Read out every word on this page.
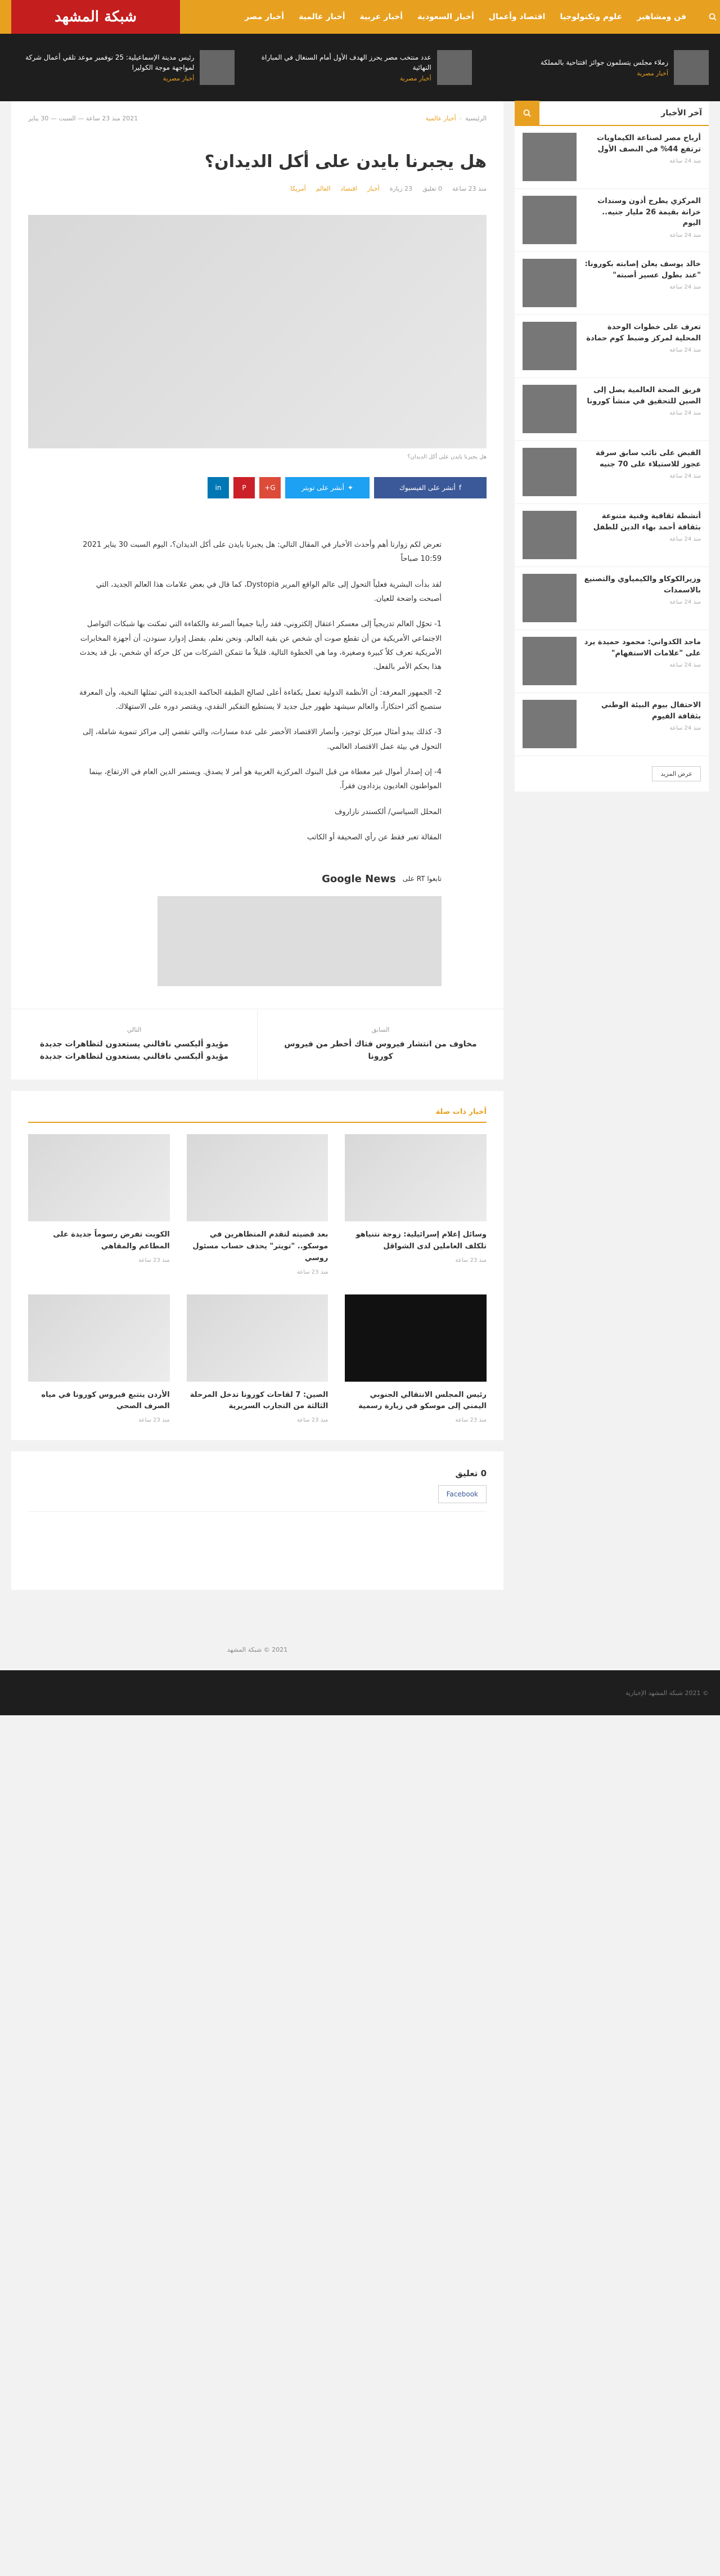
فن ومشاهير
علوم وتكنولوجيا
اقتصاد وأعمال
أخبار السعودية
أخبار عربية
أخبار عالمية
أخبار مصر
شبكة المشهد
زملاء مجلس يتسلمون جوائز افتتاحية بالمملكة
أخبار مصرية
عدد منتخب مصر يحرز الهدف الأول أمام السنغال في المباراة النهائية
أخبار مصرية
رئيس مدينة الإسماعيلية: 25 نوفمبر موعد تلقي أعمال شركة لمواجهة موجة الكوليرا
أخبار مصرية
آخر الأخبار
أرباح مصر لصناعة الكيماويات ترتفع 44% في النصف الأول
منذ 24 ساعة
المركزي يطرح أذون وسندات خزانة بقيمة 26 مليار جنيه.. اليوم
منذ 24 ساعة
خالد يوسف يعلن إصابته بكورونا: "عند بطول عسير أصبته"
منذ 24 ساعة
تعرف على خطوات الوحدة المحلية لمركز وضبط كوم حمادة
منذ 24 ساعة
فريق الصحة العالمية يصل إلى الصين للتحقيق في منشأ كورونا
منذ 24 ساعة
القبض على نائب سابق سرقة عجوز للاستيلاء على 70 جنيه
منذ 24 ساعة
أنشطة ثقافية وفنية متنوعة بثقافة أحمد بهاء الدين للطفل
منذ 24 ساعة
وزيرالكوكاو والكيمياوي والتصنيع بالاسمدات
منذ 24 ساعة
ماجد الكدواني: محمود حميدة يرد على "علامات الاستفهام"
منذ 24 ساعة
الاحتفال بيوم البيئة الوطني بثقافة الفيوم
منذ 24 ساعة
عرض المزيد
الرئيسية›أخبار عالمية
2021 منذ 23 ساعة — السبت — 30 يناير
هل يجبرنا بايدن على أكل الديدان؟
منذ 23 ساعة
0 تعليق
23 زيارة
أخبار
اقتصاد
العالم
أمريكا
هل يجبرنا بايدن على أكل الديدان؟
f
أنشر على الفيسبوك
✦
أنشر على تويتر
G+
P
in

تعرض لكم زوارنا أهم وأحدث الأخبار في المقال التالي: هل يجبرنا بايدن على أكل الديدان؟، اليوم السبت 30 يناير 2021 10:59 صباحاً

لقد بدأت البشرية فعلياً التحول إلى عالم الواقع المرير Dystopia، كما قال في بعض علامات هذا العالم الجديد، التي أصبحت واضحة للعيان.

1- تحوّل العالم تدريجياً إلى معسكر اعتقال إلكتروني، فقد رأينا جميعاً السرعة والكفاءة التي تمكنت بها شبكات التواصل الاجتماعي الأمريكية من أن تقطع صوت أي شخص عن بقية العالم. ونحن نعلم، بفضل إدوارد سنودن، أن أجهزة المخابرات الأمريكية تعرف كلاً كبيرة وصغيرة، وما هي الخطوة التالية. قليلاً ما تتمكن الشركات من كل حركة أي شخص، بل قد يحدث هذا بحكم الأمر بالفعل.

2- الجمهور المعرفة: أن الأنظمة الدولية تعمل بكفاءة أعلى لصالح الطبقة الحاكمة الجديدة التي تمثلها النخبة، وأن المعرفة ستصبح أكثر احتكاراً، والعالم سيشهد ظهور جيل جديد لا يستطيع التفكير النقدي، ويقتصر دوره على الاستهلاك.

3- كذلك يبدو أمثال ميركل توجيز، وأنصار الاقتصاد الأخضر على عدة مسارات، والتي تقضي إلى مراكز تنموية شاملة، إلى التحول في بيئة عمل الاقتصاد العالمي.

4- إن إصدار أموال غير مغطاة من قبل البنوك المركزية الغربية هو أمر لا يصدق. ويستمر الدين العام في الارتفاع، بينما المواطنون العاديون يزدادون فقراً.

المحلل السياسي/ ألكسندر نازاروف

المقالة تعبر فقط عن رأي الصحيفة أو الكاتب

تابعوا RT على
Google News
السابق
مخاوف من انتشار فيروس فتاك أخطر من فيروس كورونا
التالي
مؤيدو أليكسي نافالني يستعدون لتظاهرات جديدة مؤيدو أليكسي نافالني يستعدون لتظاهرات جديدة
أخبار ذات صلة
وسائل إعلام إسرائيلية: زوجة نتنياهو تلكلف العاملين لدى الشواقل
منذ 23 ساعة
بعد قضيته لتقدم المتظاهرين في موسكو.. "تويتر" يحذف حساب مسئول روسي
منذ 23 ساعة
الكويت تفرض رسوماً جديدة على المطاعم والمقاهي
منذ 23 ساعة
رئيس المجلس الانتقالي الجنوبي اليمني إلى موسكو في زيارة رسمية
منذ 23 ساعة
الصين: 7 لقاحات كورونا تدخل المرحلة الثالثة من التجارب السريرية
منذ 23 ساعة
الأردن يتتبع فيروس كورونا في مياه الصرف الصحي
منذ 23 ساعة
0 تعليق
Facebook
2021 © شبكة المشهد
© 2021 شبكة المشهد الإخبارية
